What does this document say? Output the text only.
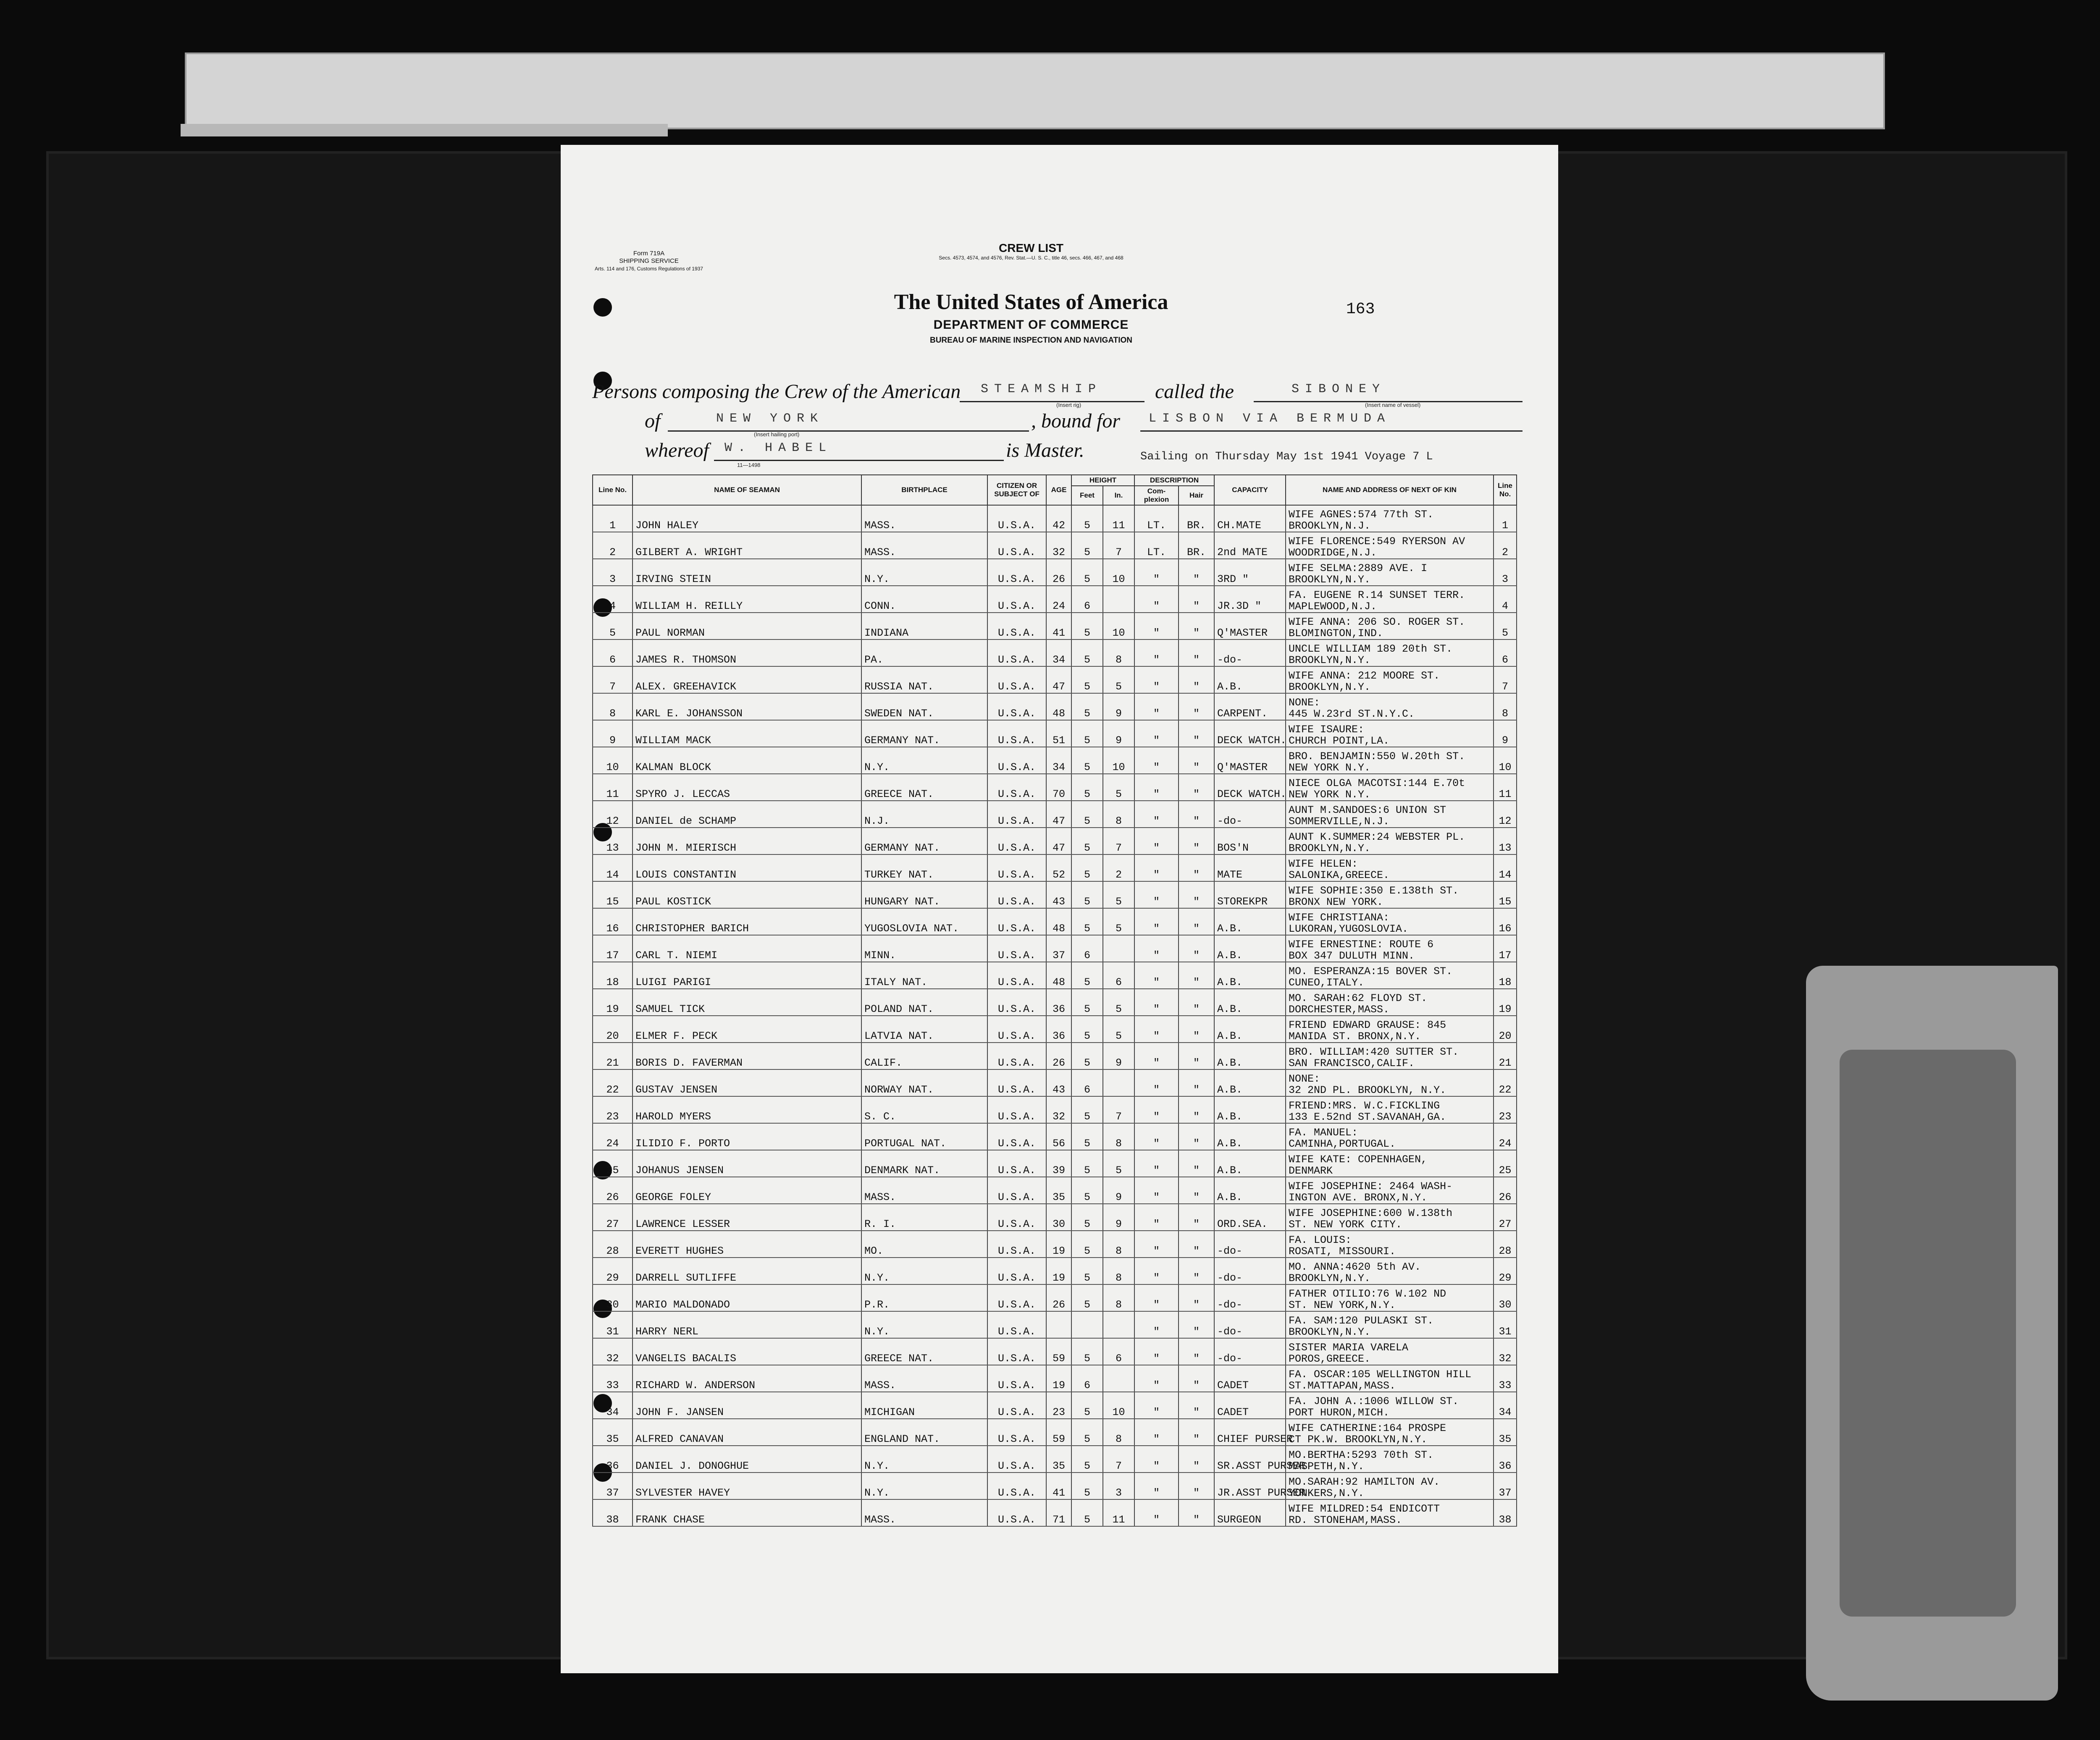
Form 719A
SHIPPING SERVICE
Arts. 114 and 176, Customs Regulations of 1937
CREW LIST
Secs. 4573, 4574, and 4576, Rev. Stat.—U. S. C., title 46, secs. 466, 467, and 468
The United States of America
DEPARTMENT OF COMMERCE
BUREAU OF MARINE INSPECTION AND NAVIGATION
163
Persons composing the Crew of the American STEAMSHIP
(Insert rig)
called the	SIBONEY
(Insert name of vessel)
of	NEW YORK
(Insert hailing port)
, bound for LISBON VIA BERMUDA
whereof W. HABEL
11—1498
is Master.	Sailing on Thursday May 1st 1941 Voyage 7 L
Line No.	NAME OF SEAMAN	BIRTHPLACE	CITIZEN OR SUBJECT OF	AGE	HEIGHT		DESCRIPTION		CAPACITY	NAME AND ADDRESS OF NEXT OF KIN	Line No.
					Feet	In.	Com- plexion	Hair			
1	JOHN HALEY	MASS.	U.S.A.	42	5	11	LT.	BR.	CH.MATE	WIFE AGNES:574 77th ST.
BROOKLYN,N.J.	1
2	GILBERT A. WRIGHT	MASS.	U.S.A.	32	5	7	LT.	BR.	2nd MATE	WIFE FLORENCE:549 RYERSON AV
WOODRIDGE,N.J.	2
3	IRVING STEIN	N.Y.	U.S.A.	26	5	10	"	"	3RD "	WIFE SELMA:2889 AVE. I
BROOKLYN,N.Y.	3
4	WILLIAM H. REILLY	CONN.	U.S.A.	24	6		"	"	JR.3D "	FA. EUGENE R.14 SUNSET TERR.
MAPLEWOOD,N.J.	4
5	PAUL NORMAN	INDIANA	U.S.A.	41	5	10	"	"	Q'MASTER	WIFE ANNA: 206 SO. ROGER ST.
BLOMINGTON,IND.	5
6	JAMES R. THOMSON	PA.	U.S.A.	34	5	8	"	"	-do-	UNCLE WILLIAM 189 20th ST.
BROOKLYN,N.Y.	6
7	ALEX. GREEHAVICK	RUSSIA NAT.	U.S.A.	47	5	5	"	"	A.B.	WIFE ANNA: 212 MOORE ST.
BROOKLYN,N.Y.	7
8	KARL E. JOHANSSON	SWEDEN NAT.	U.S.A.	48	5	9	"	"	CARPENT.	NONE:
445 W.23rd ST.N.Y.C.	8
9	WILLIAM MACK	GERMANY NAT.	U.S.A.	51	5	9	"	"	DECK WATCH.	WIFE ISAURE:
CHURCH POINT,LA.	9
10	KALMAN BLOCK	N.Y.	U.S.A.	34	5	10	"	"	Q'MASTER	BRO. BENJAMIN:550 W.20th ST.
NEW YORK N.Y.	10
11	SPYRO J. LECCAS	GREECE NAT.	U.S.A.	70	5	5	"	"	DECK WATCH.	NIECE OLGA MACOTSI:144 E.70t
NEW YORK N.Y.	11
12	DANIEL de SCHAMP	N.J.	U.S.A.	47	5	8	"	"	-do-	AUNT M.SANDOES:6 UNION ST
SOMMERVILLE,N.J.	12
13	JOHN M. MIERISCH	GERMANY NAT.	U.S.A.	47	5	7	"	"	BOS'N	AUNT K.SUMMER:24 WEBSTER PL.
BROOKLYN,N.Y.	13
14	LOUIS CONSTANTIN	TURKEY NAT.	U.S.A.	52	5	2	"	"	MATE	WIFE HELEN:
SALONIKA,GREECE.	14
15	PAUL KOSTICK	HUNGARY NAT.	U.S.A.	43	5	5	"	"	STOREKPR	WIFE SOPHIE:350 E.138th ST.
BRONX NEW YORK.	15
16	CHRISTOPHER BARICH	YUGOSLOVIA NAT.	U.S.A.	48	5	5	"	"	A.B.	WIFE CHRISTIANA:
LUKORAN,YUGOSLOVIA.	16
17	CARL T. NIEMI	MINN.	U.S.A.	37	6		"	"	A.B.	WIFE ERNESTINE: ROUTE 6
BOX 347 DULUTH MINN.	17
18	LUIGI PARIGI	ITALY NAT.	U.S.A.	48	5	6	"	"	A.B.	MO. ESPERANZA:15 BOVER ST.
CUNEO,ITALY.	18
19	SAMUEL TICK	POLAND NAT.	U.S.A.	36	5	5	"	"	A.B.	MO. SARAH:62 FLOYD ST.
DORCHESTER,MASS.	19
20	ELMER F. PECK	LATVIA NAT.	U.S.A.	36	5	5	"	"	A.B.	FRIEND EDWARD GRAUSE: 845
MANIDA ST. BRONX,N.Y.	20
21	BORIS D. FAVERMAN	CALIF.	U.S.A.	26	5	9	"	"	A.B.	BRO. WILLIAM:420 SUTTER ST.
SAN FRANCISCO,CALIF.	21
22	GUSTAV JENSEN	NORWAY NAT.	U.S.A.	43	6		"	"	A.B.	NONE:
32 2ND PL. BROOKLYN, N.Y.	22
23	HAROLD MYERS	S. C.	U.S.A.	32	5	7	"	"	A.B.	FRIEND:MRS. W.C.FICKLING
133 E.52nd ST.SAVANAH,GA.	23
24	ILIDIO F. PORTO	PORTUGAL NAT.	U.S.A.	56	5	8	"	"	A.B.	FA. MANUEL:
CAMINHA,PORTUGAL.	24
25	JOHANUS JENSEN	DENMARK NAT.	U.S.A.	39	5	5	"	"	A.B.	WIFE KATE: COPENHAGEN,
DENMARK	25
26	GEORGE FOLEY	MASS.	U.S.A.	35	5	9	"	"	A.B.	WIFE JOSEPHINE: 2464 WASH-
INGTON AVE. BRONX,N.Y.	26
27	LAWRENCE LESSER	R. I.	U.S.A.	30	5	9	"	"	ORD.SEA.	WIFE JOSEPHINE:600 W.138th
ST. NEW YORK CITY.	27
28	EVERETT HUGHES	MO.	U.S.A.	19	5	8	"	"	-do-	FA. LOUIS:
ROSATI, MISSOURI.	28
29	DARRELL SUTLIFFE	N.Y.	U.S.A.	19	5	8	"	"	-do-	MO. ANNA:4620 5th AV.
BROOKLYN,N.Y.	29
30	MARIO MALDONADO	P.R.	U.S.A.	26	5	8	"	"	-do-	FATHER OTILIO:76 W.102 ND
ST. NEW YORK,N.Y.	30
31	HARRY NERL	N.Y.	U.S.A.				"	"	-do-	FA. SAM:120 PULASKI ST.
BROOKLYN,N.Y.	31
32	VANGELIS BACALIS	GREECE NAT.	U.S.A.	59	5	6	"	"	-do-	SISTER MARIA VARELA
POROS,GREECE.	32
33	RICHARD W. ANDERSON	MASS.	U.S.A.	19	6		"	"	CADET	FA. OSCAR:105 WELLINGTON HILL
ST.MATTAPAN,MASS.	33
34	JOHN F. JANSEN	MICHIGAN	U.S.A.	23	5	10	"	"	CADET	FA. JOHN A.:1006 WILLOW ST.
PORT HURON,MICH.	34
35	ALFRED CANAVAN	ENGLAND NAT.	U.S.A.	59	5	8	"	"	CHIEF PURSER	WIFE CATHERINE:164 PROSPE
CT PK.W. BROOKLYN,N.Y.	35
36	DANIEL J. DONOGHUE	N.Y.	U.S.A.	35	5	7	"	"	SR.ASST PURSER	MO.BERTHA:5293 70th ST.
MASPETH,N.Y.	36
37	SYLVESTER HAVEY	N.Y.	U.S.A.	41	5	3	"	"	JR.ASST PURSER	MO.SARAH:92 HAMILTON AV.
YONKERS,N.Y.	37
38	FRANK CHASE	MASS.	U.S.A.	71	5	11	"	"	SURGEON	WIFE MILDRED:54 ENDICOTT
RD. STONEHAM,MASS.	38
